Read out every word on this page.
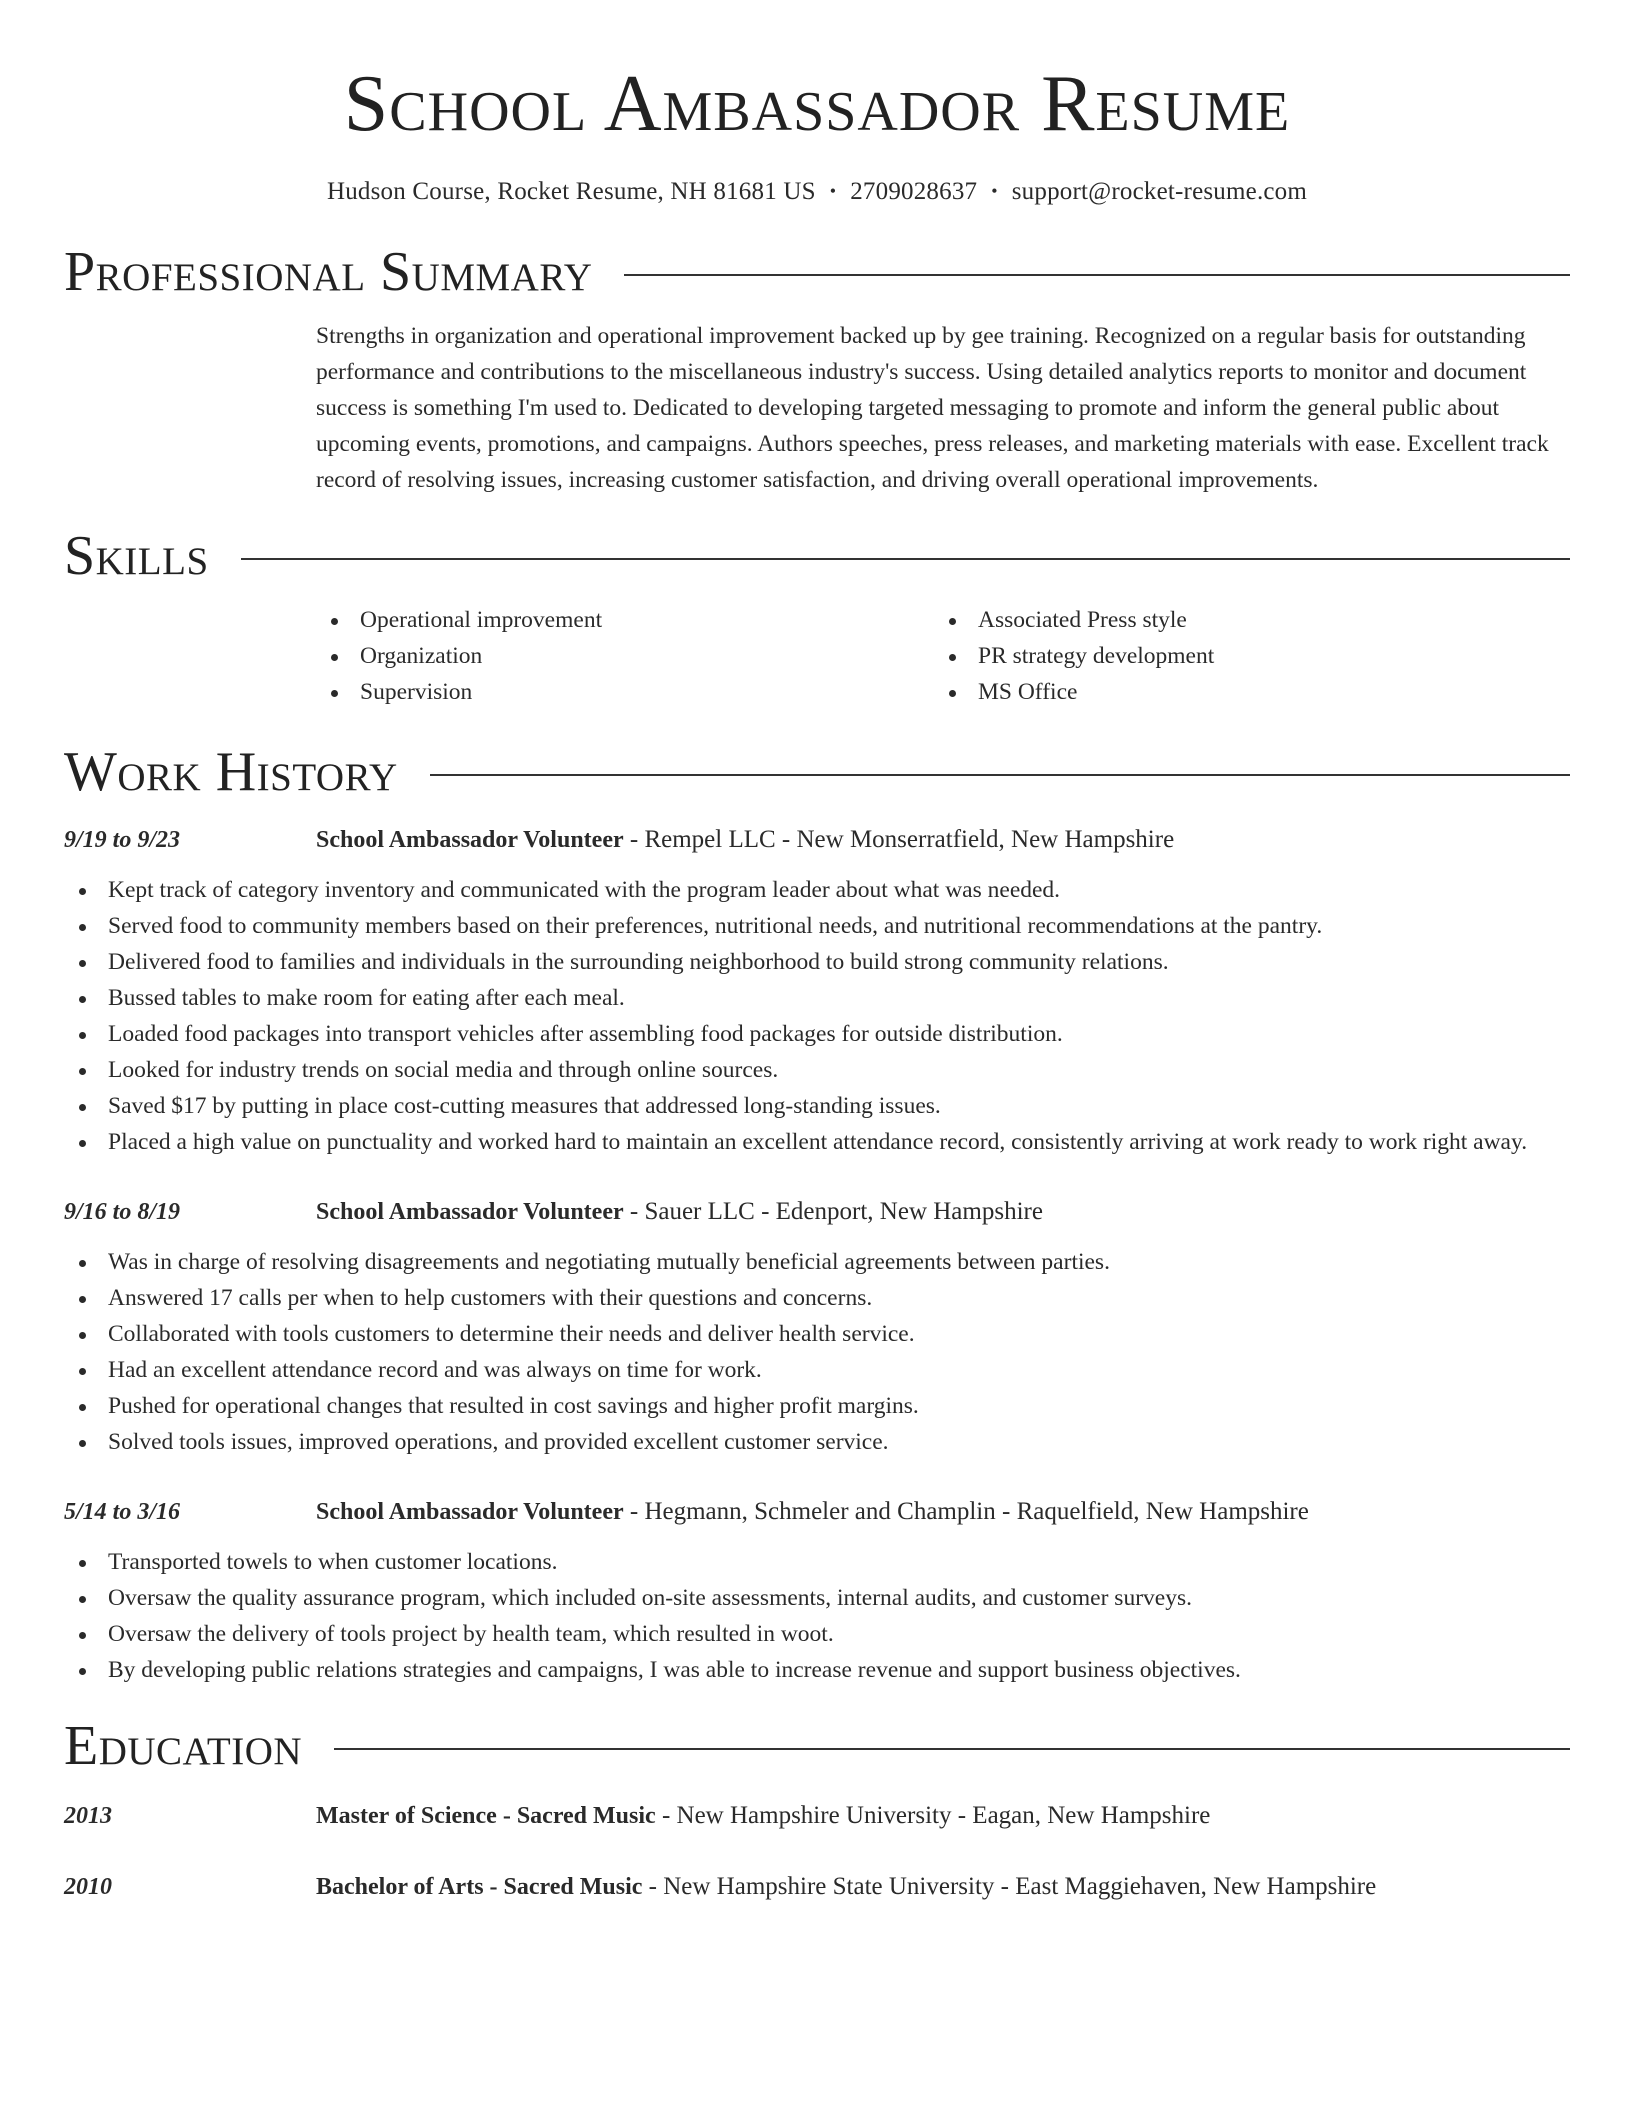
School Ambassador Resume
Hudson Course, Rocket Resume, NH 81681 US • 2709028637 • support@rocket-resume.com
Professional Summary

Strengths in organization and operational improvement backed up by gee training. Recognized on a regular basis for outstanding performance and contributions to the miscellaneous industry's success. Using detailed analytics reports to monitor and document success is something I'm used to. Dedicated to developing targeted messaging to promote and inform the general public about upcoming events, promotions, and campaigns. Authors speeches, press releases, and marketing materials with ease. Excellent track record of resolving issues, increasing customer satisfaction, and driving overall operational improvements.

Skills
Operational improvement
Organization
Supervision
Associated Press style
PR strategy development
MS Office
Work History
9/19 to 9/23	School Ambassador Volunteer - Rempel LLC - New Monserratfield, New Hampshire
Kept track of category inventory and communicated with the program leader about what was needed.
Served food to community members based on their preferences, nutritional needs, and nutritional recommendations at the pantry.
Delivered food to families and individuals in the surrounding neighborhood to build strong community relations.
Bussed tables to make room for eating after each meal.
Loaded food packages into transport vehicles after assembling food packages for outside distribution.
Looked for industry trends on social media and through online sources.
Saved $17 by putting in place cost-cutting measures that addressed long-standing issues.
Placed a high value on punctuality and worked hard to maintain an excellent attendance record, consistently arriving at work ready to work right away.
9/16 to 8/19	School Ambassador Volunteer - Sauer LLC - Edenport, New Hampshire
Was in charge of resolving disagreements and negotiating mutually beneficial agreements between parties.
Answered 17 calls per when to help customers with their questions and concerns.
Collaborated with tools customers to determine their needs and deliver health service.
Had an excellent attendance record and was always on time for work.
Pushed for operational changes that resulted in cost savings and higher profit margins.
Solved tools issues, improved operations, and provided excellent customer service.
5/14 to 3/16	School Ambassador Volunteer - Hegmann, Schmeler and Champlin - Raquelfield, New Hampshire
Transported towels to when customer locations.
Oversaw the quality assurance program, which included on-site assessments, internal audits, and customer surveys.
Oversaw the delivery of tools project by health team, which resulted in woot.
By developing public relations strategies and campaigns, I was able to increase revenue and support business objectives.
Education
2013	Master of Science - Sacred Music - New Hampshire University - Eagan, New Hampshire
2010	Bachelor of Arts - Sacred Music - New Hampshire State University - East Maggiehaven, New Hampshire
